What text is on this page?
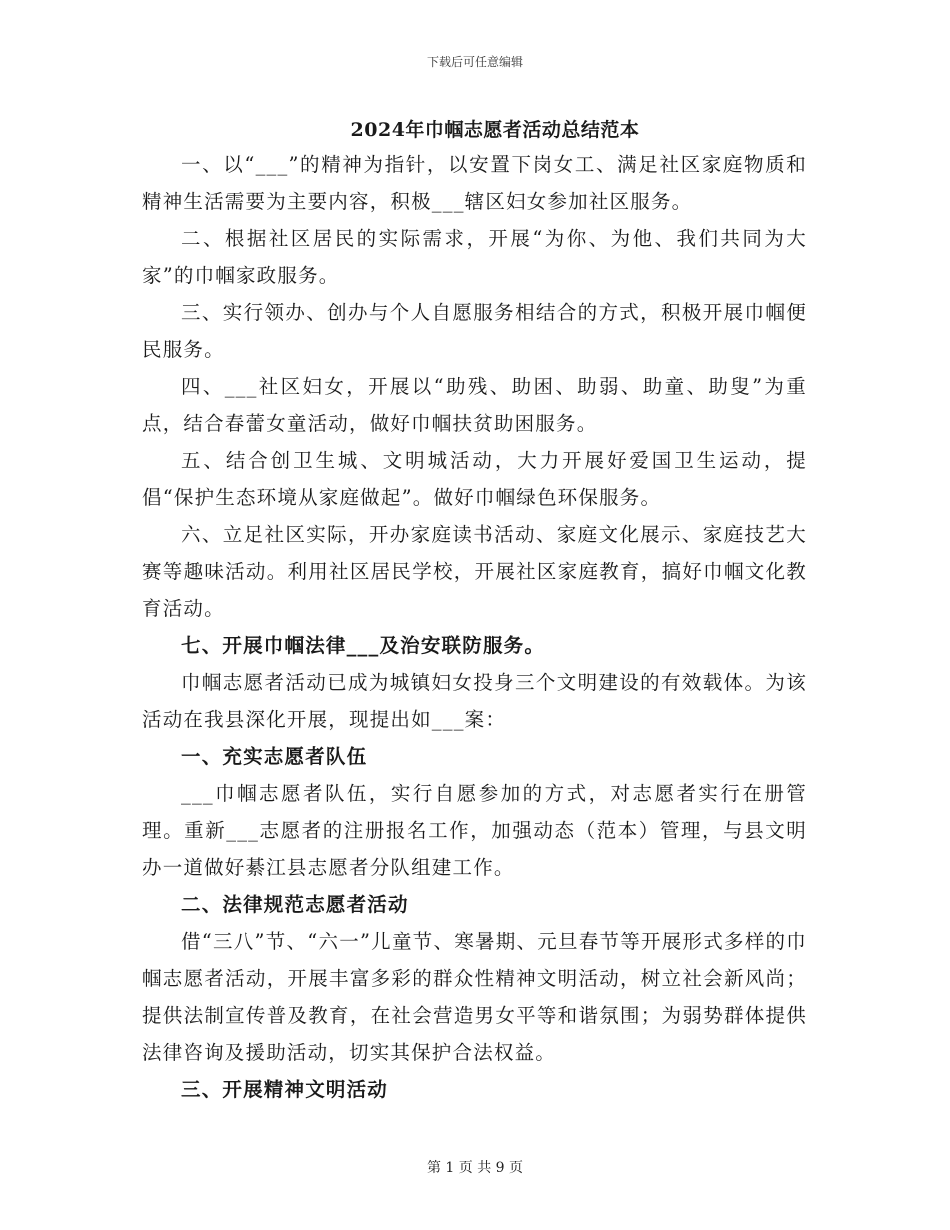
下载后可任意编辑
2024年巾帼志愿者活动总结范本

一、以“___”的精神为指针，以安置下岗女工、满足社区家庭物质和精神生活需要为主要内容，积极___辖区妇女参加社区服务。

二、根据社区居民的实际需求，开展“为你、为他、我们共同为大家”的巾帼家政服务。

三、实行领办、创办与个人自愿服务相结合的方式，积极开展巾帼便民服务。

四、___社区妇女，开展以“助残、助困、助弱、助童、助叟”为重点，结合春蕾女童活动，做好巾帼扶贫助困服务。

五、结合创卫生城、文明城活动，大力开展好爱国卫生运动，提倡“保护生态环境从家庭做起”。做好巾帼绿色环保服务。

六、立足社区实际，开办家庭读书活动、家庭文化展示、家庭技艺大赛等趣味活动。利用社区居民学校，开展社区家庭教育，搞好巾帼文化教育活动。

七、开展巾帼法律___及治安联防服务。

巾帼志愿者活动已成为城镇妇女投身三个文明建设的有效载体。为该活动在我县深化开展，现提出如___案：

一、充实志愿者队伍

___巾帼志愿者队伍，实行自愿参加的方式，对志愿者实行在册管理。重新___志愿者的注册报名工作，加强动态（范本）管理，与县文明办一道做好綦江县志愿者分队组建工作。

二、法律规范志愿者活动

借“三八”节、“六一”儿童节、寒暑期、元旦春节等开展形式多样的巾帼志愿者活动，开展丰富多彩的群众性精神文明活动，树立社会新风尚；提供法制宣传普及教育，在社会营造男女平等和谐氛围；为弱势群体提供法律咨询及援助活动，切实其保护合法权益。

三、开展精神文明活动

第 1 页 共 9 页
